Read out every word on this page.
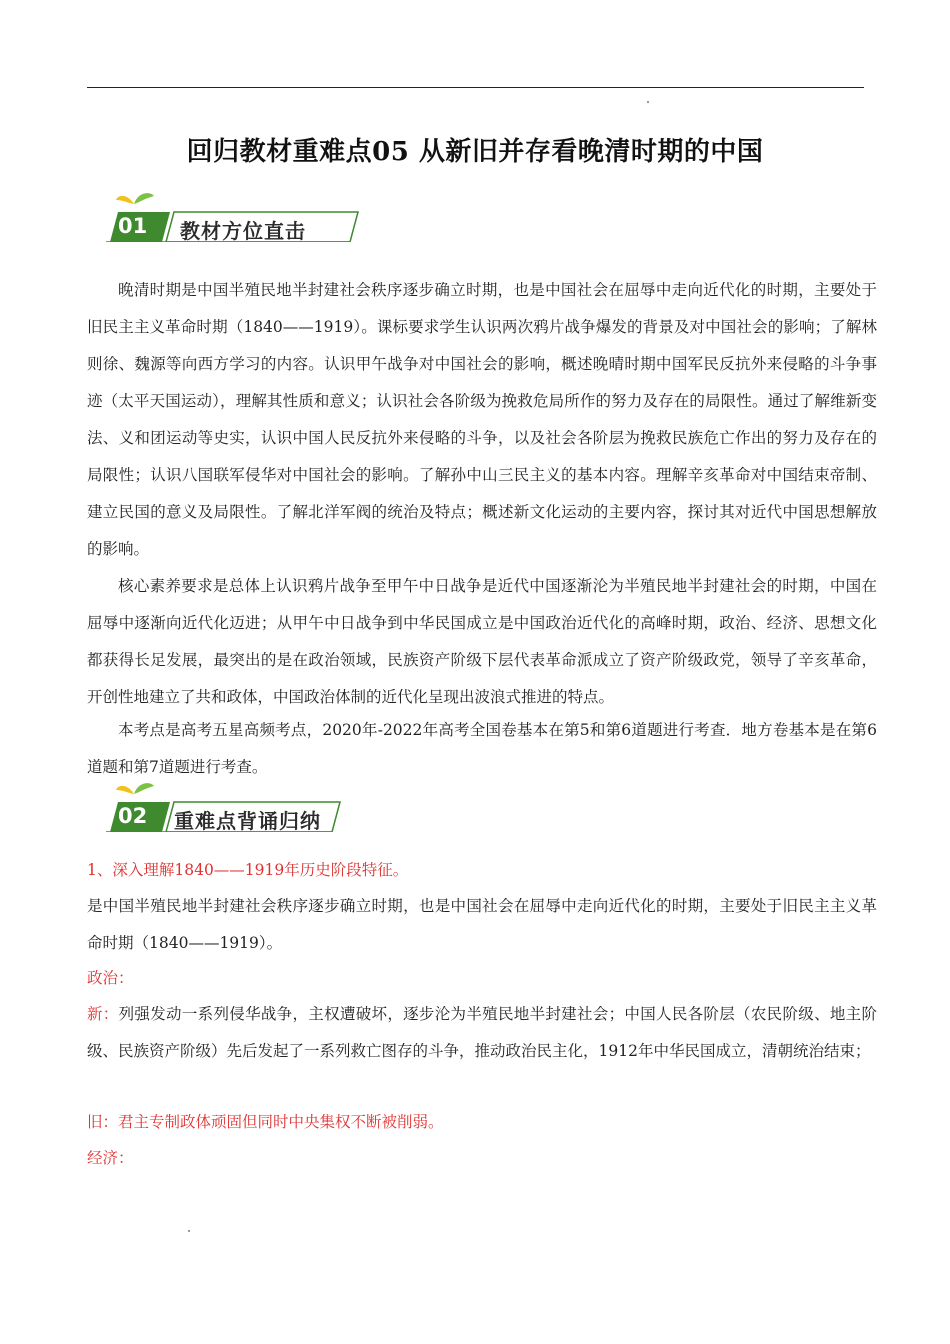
回归教材重难点05 从新旧并存看晚清时期的中国
01 教材方位直击

晚清时期是中国半殖民地半封建社会秩序逐步确立时期，也是中国社会在屈辱中走向近代化的时期，主要处于旧民主主义革命时期（1840——1919）。课标要求学生认识两次鸦片战争爆发的背景及对中国社会的影响；了解林则徐、魏源等向西方学习的内容。认识甲午战争对中国社会的影响，概述晚晴时期中国军民反抗外来侵略的斗争事迹（太平天国运动），理解其性质和意义；认识社会各阶级为挽救危局所作的努力及存在的局限性。通过了解维新变法、义和团运动等史实，认识中国人民反抗外来侵略的斗争，以及社会各阶层为挽救民族危亡作出的努力及存在的局限性；认识八国联军侵华对中国社会的影响。了解孙中山三民主义的基本内容。理解辛亥革命对中国结束帝制、建立民国的意义及局限性。了解北洋军阀的统治及特点；概述新文化运动的主要内容，探讨其对近代中国思想解放的影响。

核心素养要求是总体上认识鸦片战争至甲午中日战争是近代中国逐渐沦为半殖民地半封建社会的时期，中国在屈辱中逐渐向近代化迈进；从甲午中日战争到中华民国成立是中国政治近代化的高峰时期，政治、经济、思想文化都获得长足发展，最突出的是在政治领域，民族资产阶级下层代表革命派成立了资产阶级政党，领导了辛亥革命，开创性地建立了共和政体，中国政治体制的近代化呈现出波浪式推进的特点。

本考点是高考五星高频考点，2020年-2022年高考全国卷基本在第5和第6道题进行考查．地方卷基本是在第6道题和第7道题进行考查。

02 重难点背诵归纳

1、深入理解1840——1919年历史阶段特征。

是中国半殖民地半封建社会秩序逐步确立时期，也是中国社会在屈辱中走向近代化的时期，主要处于旧民主主义革命时期（1840——1919）。

政治：

新：列强发动一系列侵华战争，主权遭破坏，逐步沦为半殖民地半封建社会；中国人民各阶层（农民阶级、地主阶级、民族资产阶级）先后发起了一系列救亡图存的斗争，推动政治民主化，1912年中华民国成立，清朝统治结束；

旧：君主专制政体顽固但同时中央集权不断被削弱。

经济：
